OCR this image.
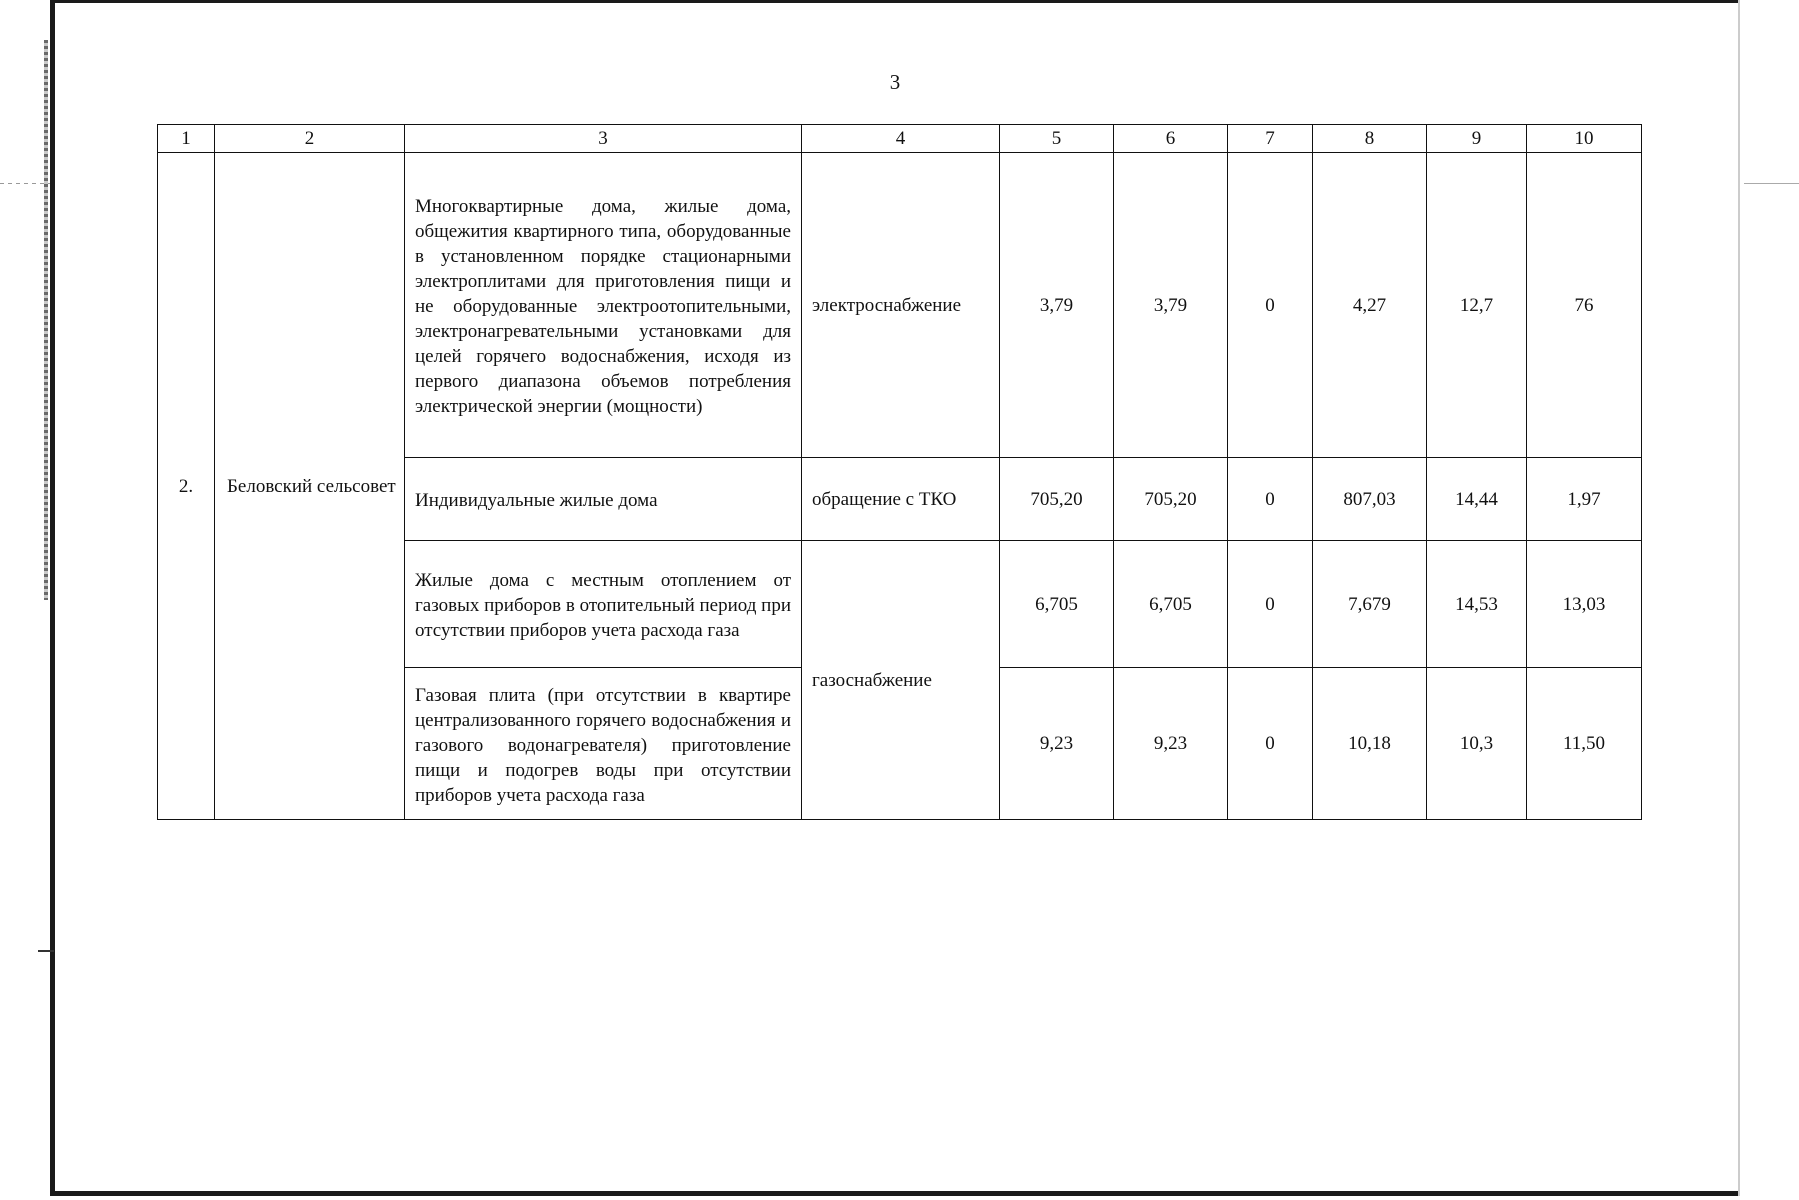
3
1	2	3	4	5	6	7	8	9	10
2.	Беловский сельсовет	Многоквартирные дома, жилые дома, общежития квартирного типа, оборудованные в установленном порядке стационарными электроплитами для приготовления пищи и не оборудованные электроотопительными, электронагревательными установками для целей горячего водоснабжения, исходя из первого диапазона объемов потребления электрической энергии (мощности)	электроснабжение	3,79	3,79	0	4,27	12,7	76
		Индивидуальные жилые дома	обращение с ТКО	705,20	705,20	0	807,03	14,44	1,97
		Жилые дома с местным отоплением от газовых приборов в отопительный период при отсутствии приборов учета расхода газа	газоснабжение	6,705	6,705	0	7,679	14,53	13,03
		Газовая плита (при отсутствии в квартире централизованного горячего водоснабжения и газового водонагревателя) приготовление пищи и подогрев воды при отсутствии приборов учета расхода газа		9,23	9,23	0	10,18	10,3	11,50
